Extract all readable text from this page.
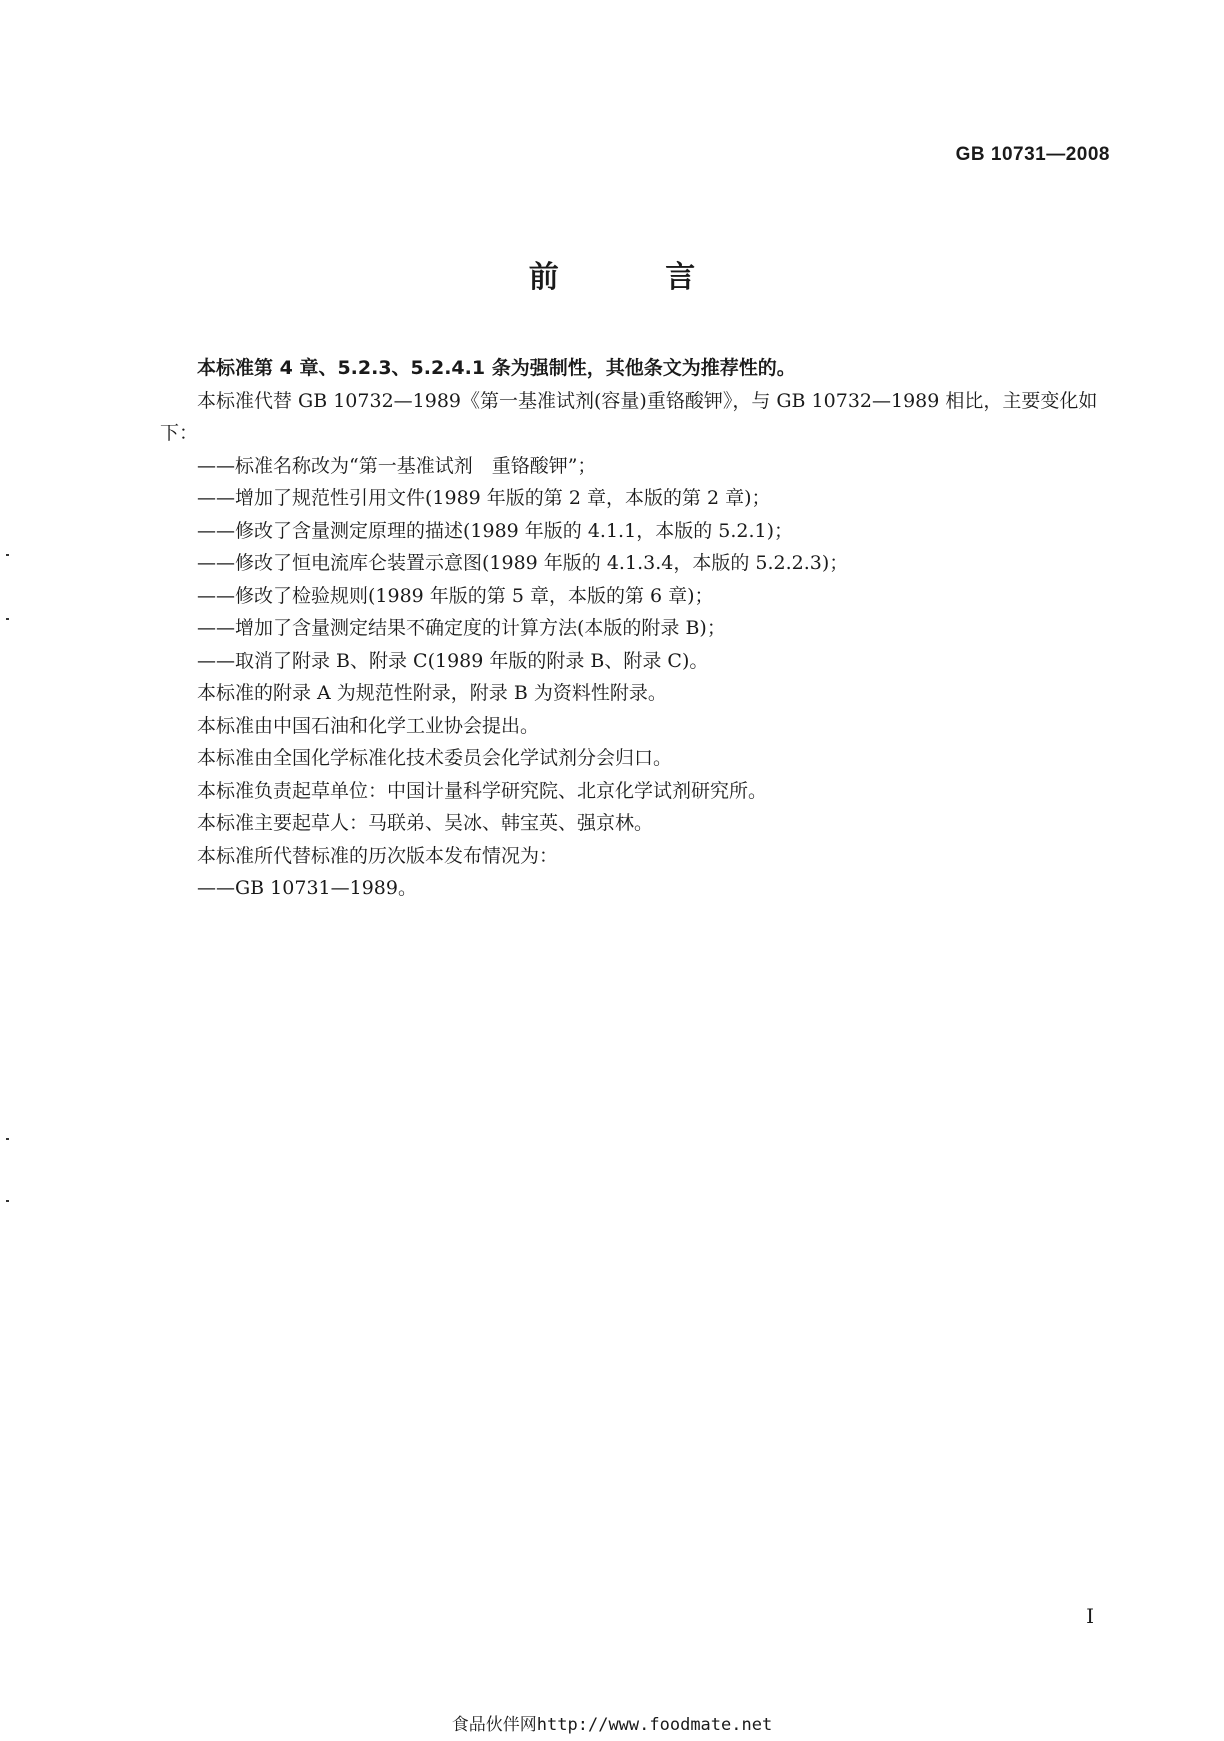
GB 10731—2008
前 言

本标准第 4 章、5.2.3、5.2.4.1 条为强制性，其他条文为推荐性的。

本标准代替 GB 10732—1989《第一基准试剂(容量)重铬酸钾》，与 GB 10732—1989 相比，主要变化如下：

——标准名称改为“第一基准试剂　重铬酸钾”；

——增加了规范性引用文件(1989 年版的第 2 章，本版的第 2 章)；

——修改了含量测定原理的描述(1989 年版的 4.1.1，本版的 5.2.1)；

——修改了恒电流库仑装置示意图(1989 年版的 4.1.3.4，本版的 5.2.2.3)；

——修改了检验规则(1989 年版的第 5 章，本版的第 6 章)；

——增加了含量测定结果不确定度的计算方法(本版的附录 B)；

——取消了附录 B、附录 C(1989 年版的附录 B、附录 C)。

本标准的附录 A 为规范性附录，附录 B 为资料性附录。

本标准由中国石油和化学工业协会提出。

本标准由全国化学标准化技术委员会化学试剂分会归口。

本标准负责起草单位：中国计量科学研究院、北京化学试剂研究所。

本标准主要起草人：马联弟、吴冰、韩宝英、强京林。

本标准所代替标准的历次版本发布情况为：

——GB 10731—1989。

I
食品伙伴网http://www.foodmate.net
